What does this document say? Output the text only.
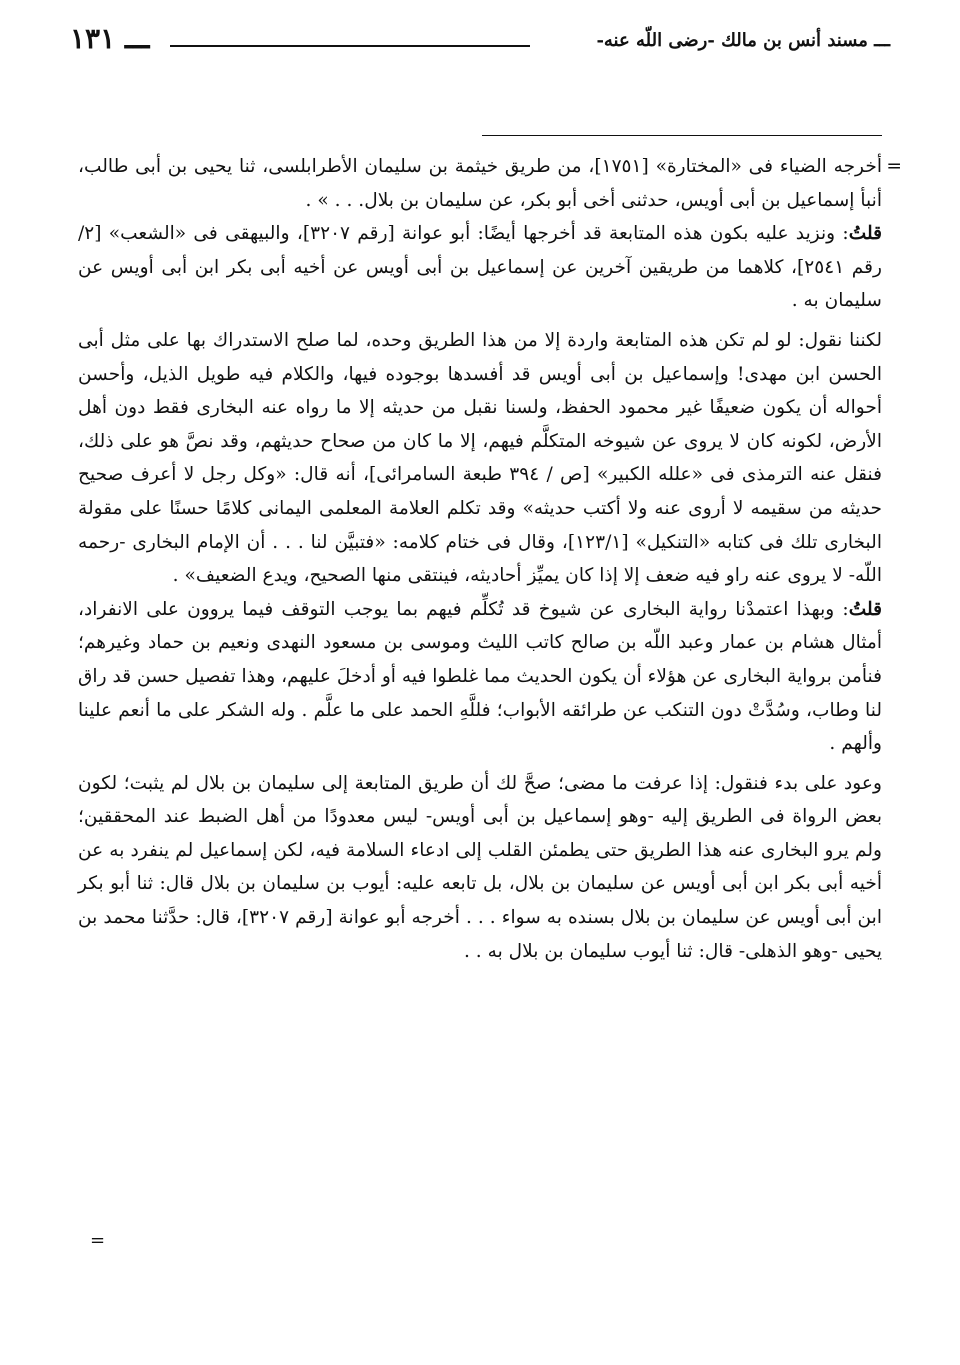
ـــ مسند أنس بن مالك -رضى اللّه عنه-
ـــ ١٣١

=
أخرجه الضياء فى «المختارة» [١٧٥١]، من طريق خيثمة بن سليمان الأطرابلسى، ثنا يحيى بن أبى طالب، أنبأ إسماعيل بن أبى أويس، حدثنى أخى أبو بكر، عن سليمان بن بلال. . . » .

قلتُ: ونزيد عليه بكون هذه المتابعة قد أخرجها أيضًا: أبو عوانة [رقم ٣٢٠٧]، والبيهقى فى «الشعب» [٢/ رقم ٢٥٤١]، كلاهما من طريقين آخرين عن إسماعيل بن أبى أويس عن أخيه أبى بكر ابن أبى أويس عن سليمان به .

لكننا نقول: لو لم تكن هذه المتابعة واردة إلا من هذا الطريق وحده، لما صلح الاستدراك بها على مثل أبى الحسن ابن مهدى! وإسماعيل بن أبى أويس قد أفسدها بوجوده فيها، والكلام فيه طويل الذيل، وأحسن أحواله أن يكون ضعيفًا غير محمود الحفظ، ولسنا نقبل من حديثه إلا ما رواه عنه البخارى فقط دون أهل الأرض، لكونه كان لا يروى عن شيوخه المتكلَّم فيهم، إلا ما كان من صحاح حديثهم، وقد نصَّ هو على ذلك، فنقل عنه الترمذى فى «علله الكبير» [ص / ٣٩٤ طبعة السامرائى]، أنه قال: «وكل رجل لا أعرف صحيح حديثه من سقيمه لا أروى عنه ولا أكتب حديثه» وقد تكلم العلامة المعلمى اليمانى كلامًا حسنًا على مقولة البخارى تلك فى كتابه «التنكيل» [١٢٣/١]، وقال فى ختام كلامه: «فتبيَّن لنا . . . أن الإمام البخارى -رحمه اللّه- لا يروى عنه راو فيه ضعف إلا إذا كان يميِّز أحاديثه، فينتقى منها الصحيح، ويدع الضعيف» .

قلتُ: وبهذا اعتمدْنا رواية البخارى عن شيوخ قد تُكلِّم فيهم بما يوجب التوقف فيما يروون على الانفراد، أمثال هشام بن عمار وعبد اللّه بن صالح كاتب الليث وموسى بن مسعود النهدى ونعيم بن حماد وغيرهم؛ فنأمن برواية البخارى عن هؤلاء أن يكون الحديث مما غلطوا فيه أو أدخلَ عليهم، وهذا تفصيل حسن قد راق لنا وطاب، وسُدَّتْ دون التنكب عن طرائقه الأبواب؛ فللَّهِ الحمد على ما علَّم . وله الشكر على ما أنعم علينا وألهم .

وعود على بدء فنقول: إذا عرفت ما مضى؛ صحَّ لك أن طريق المتابعة إلى سليمان بن بلال لم يثبت؛ لكون بعض الرواة فى الطريق إليه -وهو إسماعيل بن أبى أويس- ليس معدودًا من أهل الضبط عند المحققين؛ ولم يرو البخارى عنه هذا الطريق حتى يطمئن القلب إلى ادعاء السلامة فيه، لكن إسماعيل لم ينفرد به عن أخيه أبى بكر ابن أبى أويس عن سليمان بن بلال، بل تابعه عليه: أيوب بن سليمان بن بلال قال: ثنا أبو بكر ابن أبى أويس عن سليمان بن بلال بسنده به سواء . . . أخرجه أبو عوانة [رقم ٣٢٠٧]، قال: حدَّثنا محمد بن يحيى -وهو الذهلى- قال: ثنا أيوب سليمان بن بلال به . .

=
